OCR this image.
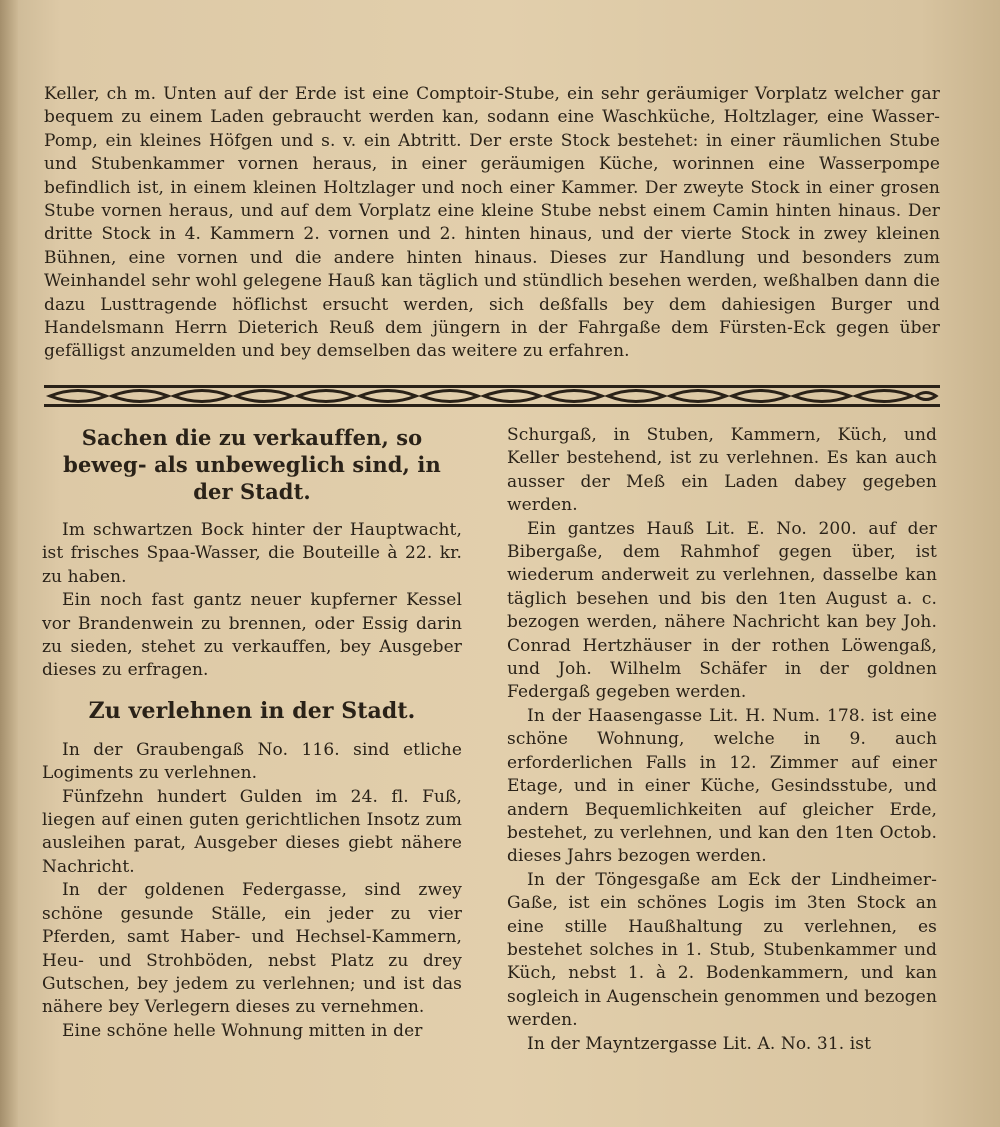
Keller, ch m. Unten auf der Erde ist eine Comptoir-Stube, ein sehr geräumiger Vorplatz welcher gar bequem zu einem Laden gebraucht werden kan, sodann eine Waschküche, Holtzlager, eine Wasser-Pomp, ein kleines Höfgen und s. v. ein Abtritt. Der erste Stock bestehet: in einer räumlichen Stube und Stubenkammer vornen heraus, in einer geräumigen Küche, worinnen eine Wasserpompe befindlich ist, in einem kleinen Holtzlager und noch einer Kammer. Der zweyte Stock in einer grosen Stube vornen heraus, und auf dem Vorplatz eine kleine Stube nebst einem Camin hinten hinaus. Der dritte Stock in 4. Kammern 2. vornen und 2. hinten hinaus, und der vierte Stock in zwey kleinen Bühnen, eine vornen und die andere hinten hinaus. Dieses zur Handlung und besonders zum Weinhandel sehr wohl gelegene Hauß kan täglich und stündlich besehen werden, weßhalben dann die dazu Lusttragende höflichst ersucht werden, sich deßfalls bey dem dahiesigen Burger und Handelsmann Herrn Dieterich Reuß dem jüngern in der Fahrgaße dem Fürsten-Eck gegen über gefälligst anzumelden und bey demselben das weitere zu erfahren.

Sachen die zu verkauffen, so beweg- als unbeweglich sind, in der Stadt.

Im schwartzen Bock hinter der Hauptwacht, ist frisches Spaa-Wasser, die Bouteille à 22. kr. zu haben.

Ein noch fast gantz neuer kupferner Kessel vor Brandenwein zu brennen, oder Essig darin zu sieden, stehet zu verkauffen, bey Ausgeber dieses zu erfragen.

Zu verlehnen in der Stadt.

In der Graubengaß No. 116. sind etliche Logiments zu verlehnen.

Fünfzehn hundert Gulden im 24. fl. Fuß, liegen auf einen guten gerichtlichen Insotz zum ausleihen parat, Ausgeber dieses giebt nähere Nachricht.

In der goldenen Federgasse, sind zwey schöne gesunde Ställe, ein jeder zu vier Pferden, samt Haber- und Hechsel-Kammern, Heu- und Strohböden, nebst Platz zu drey Gutschen, bey jedem zu verlehnen; und ist das nähere bey Verlegern dieses zu vernehmen.

Eine schöne helle Wohnung mitten in der

Schurgaß, in Stuben, Kammern, Küch, und Keller bestehend, ist zu verlehnen. Es kan auch ausser der Meß ein Laden dabey gegeben werden.

Ein gantzes Hauß Lit. E. No. 200. auf der Bibergaße, dem Rahmhof gegen über, ist wiederum anderweit zu verlehnen, dasselbe kan täglich besehen und bis den 1ten August a. c. bezogen werden, nähere Nachricht kan bey Joh. Conrad Hertzhäuser in der rothen Löwengaß, und Joh. Wilhelm Schäfer in der goldnen Federgaß gegeben werden.

In der Haasengasse Lit. H. Num. 178. ist eine schöne Wohnung, welche in 9. auch erforderlichen Falls in 12. Zimmer auf einer Etage, und in einer Küche, Gesindsstube, und andern Bequemlichkeiten auf gleicher Erde, bestehet, zu verlehnen, und kan den 1ten Octob. dieses Jahrs bezogen werden.

In der Töngesgaße am Eck der Lindheimer-Gaße, ist ein schönes Logis im 3ten Stock an eine stille Haußhaltung zu verlehnen, es bestehet solches in 1. Stub, Stubenkammer und Küch, nebst 1. à 2. Bodenkammern, und kan sogleich in Augenschein genommen und bezogen werden.

In der Mayntzergasse Lit. A. No. 31. ist
